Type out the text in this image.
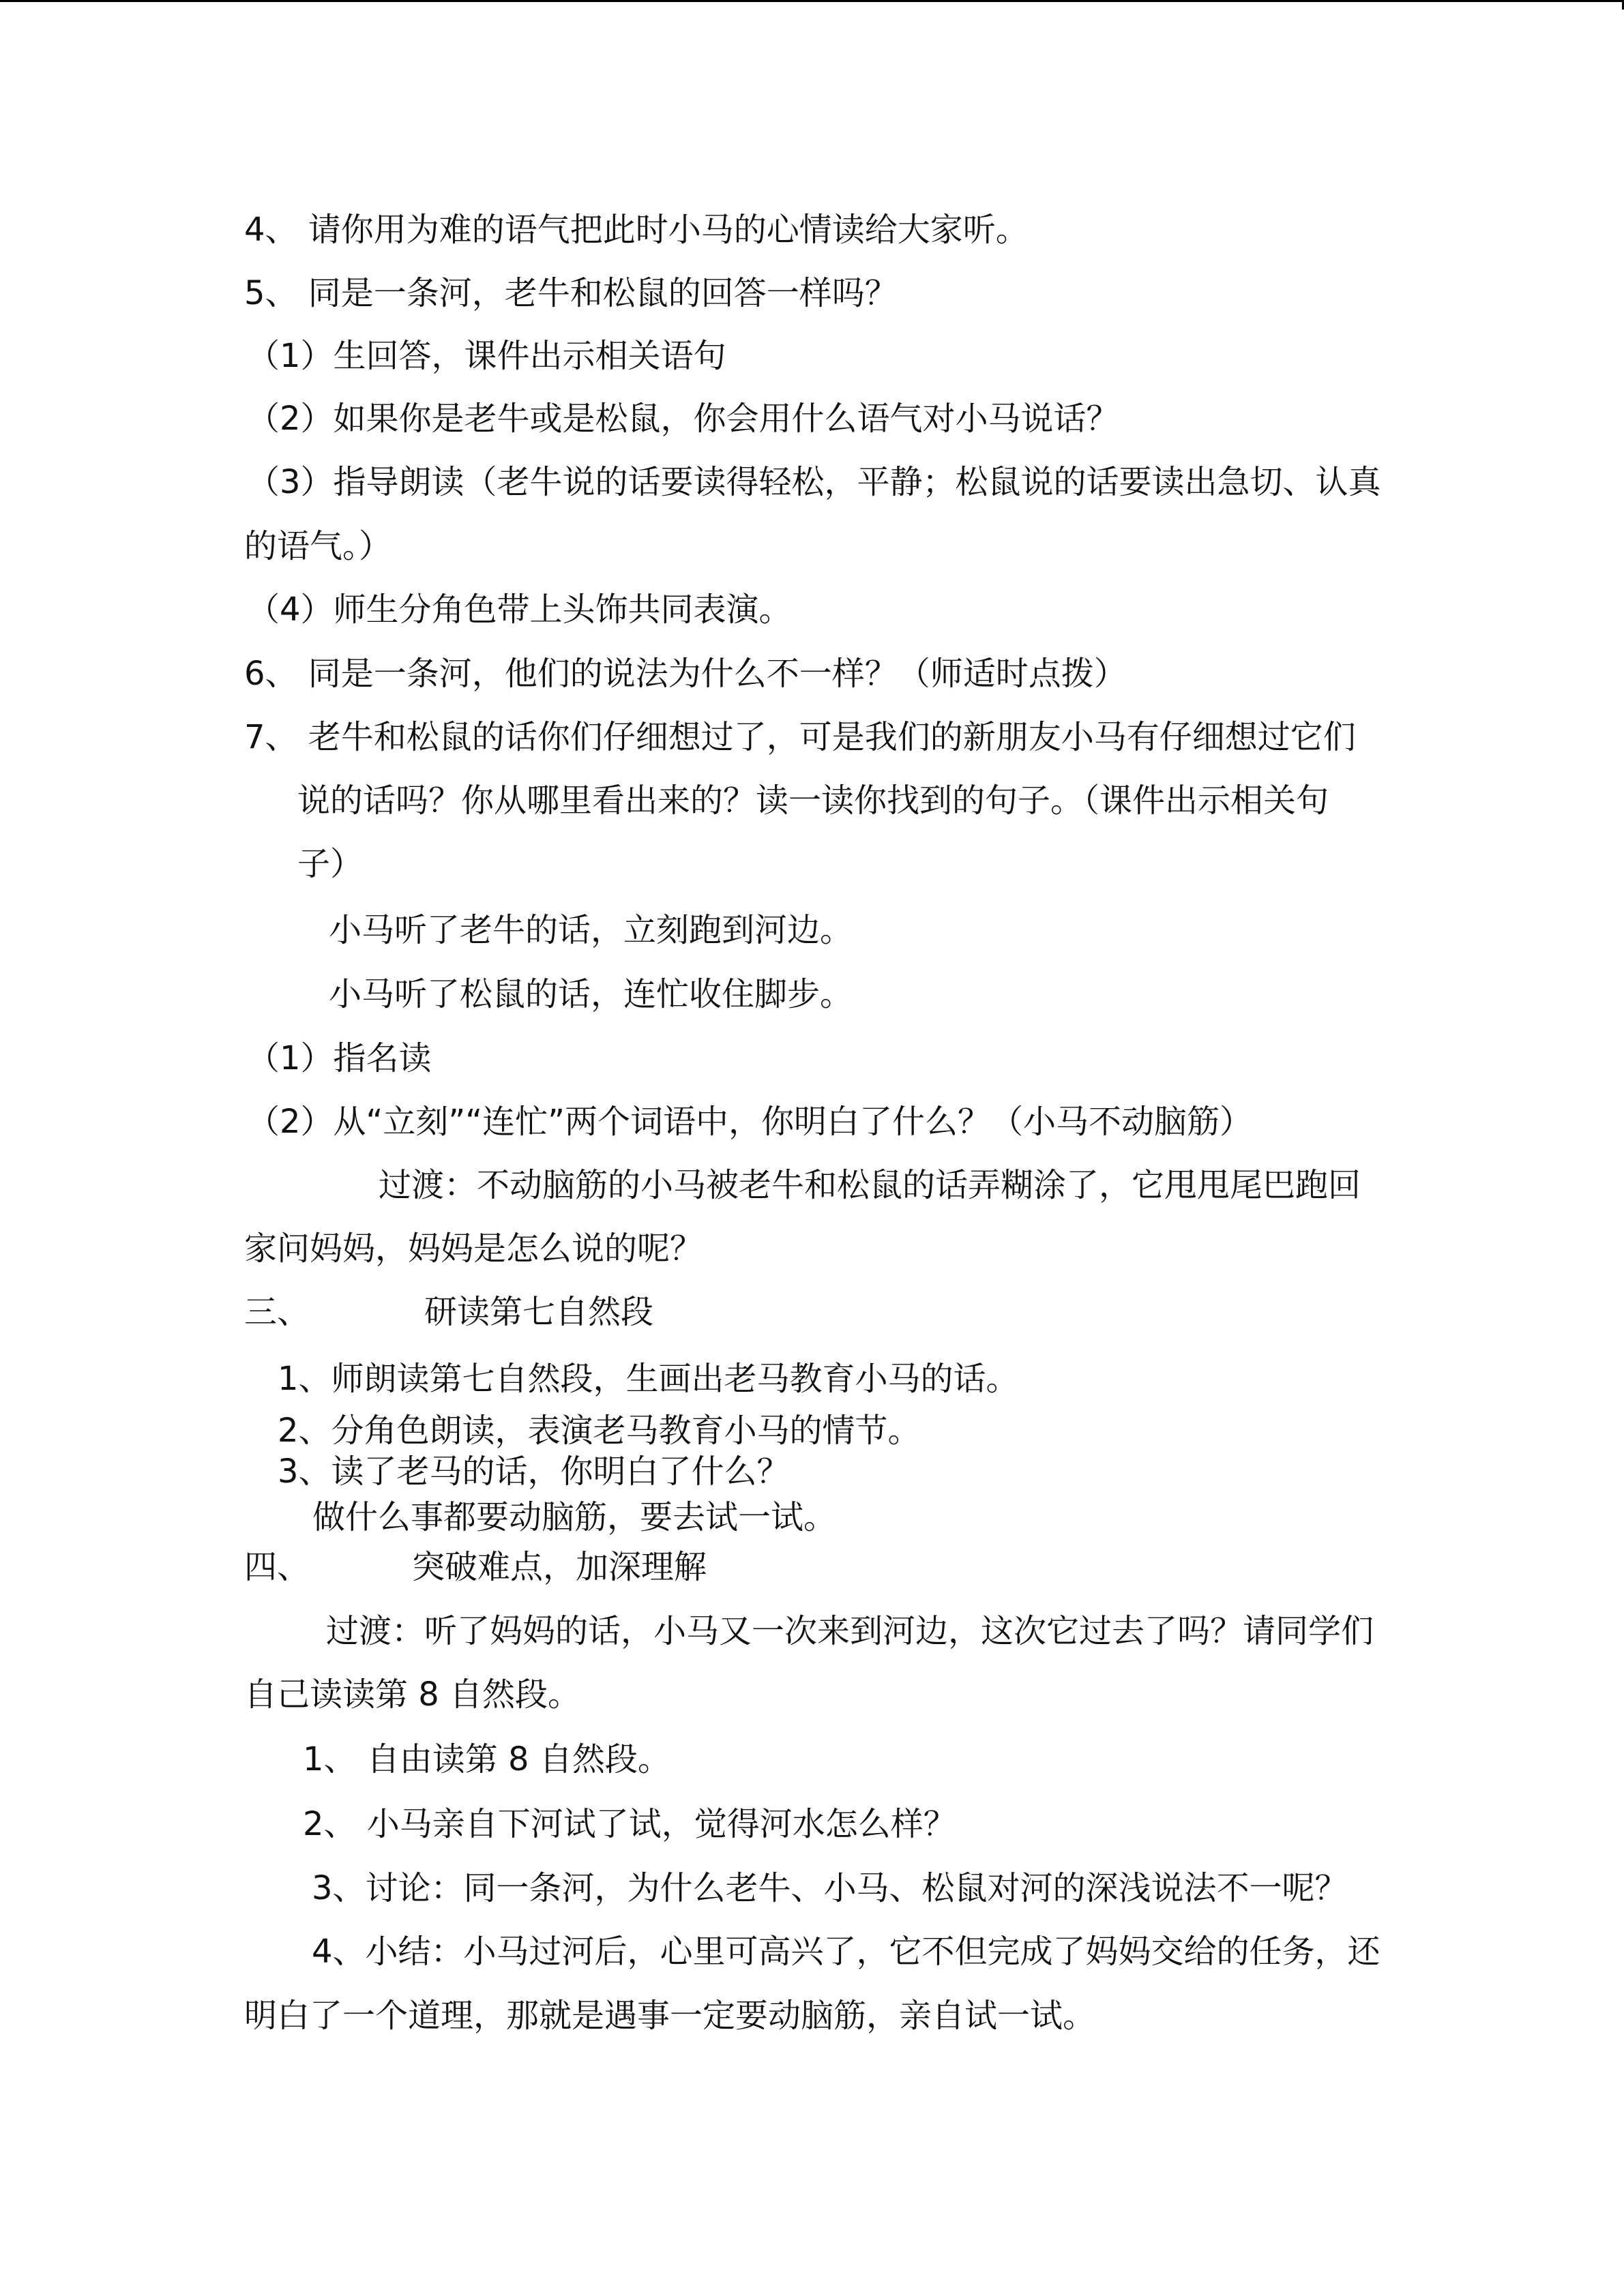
4、 请你用为难的语气把此时小马的心情读给大家听。
5、 同是一条河，老牛和松鼠的回答一样吗？
（1）生回答，课件出示相关语句
（2）如果你是老牛或是松鼠，你会用什么语气对小马说话？
（3）指导朗读（老牛说的话要读得轻松，平静；松鼠说的话要读出急切、认真
的语气。）
（4）师生分角色带上头饰共同表演。
6、 同是一条河，他们的说法为什么不一样？（师适时点拨）
7、 老牛和松鼠的话你们仔细想过了，可是我们的新朋友小马有仔细想过它们
说的话吗？你从哪里看出来的？读一读你找到的句子。（课件出示相关句
子）
小马听了老牛的话，立刻跑到河边。
小马听了松鼠的话，连忙收住脚步。
（1）指名读
（2）从“立刻”“连忙”两个词语中，你明白了什么？（小马不动脑筋）
过渡：不动脑筋的小马被老牛和松鼠的话弄糊涂了，它甩甩尾巴跑回
家问妈妈，妈妈是怎么说的呢？
三、	研读第七自然段
1、师朗读第七自然段，生画出老马教育小马的话。
2、分角色朗读，表演老马教育小马的情节。
3、读了老马的话，你明白了什么？
做什么事都要动脑筋，要去试一试。
四、	突破难点，加深理解
过渡：听了妈妈的话，小马又一次来到河边，这次它过去了吗？请同学们
自己读读第 8 自然段。
1、 自由读第 8 自然段。
2、 小马亲自下河试了试，觉得河水怎么样？
3、讨论：同一条河，为什么老牛、小马、松鼠对河的深浅说法不一呢？
4、小结：小马过河后，心里可高兴了，它不但完成了妈妈交给的任务，还
明白了一个道理，那就是遇事一定要动脑筋，亲自试一试。
